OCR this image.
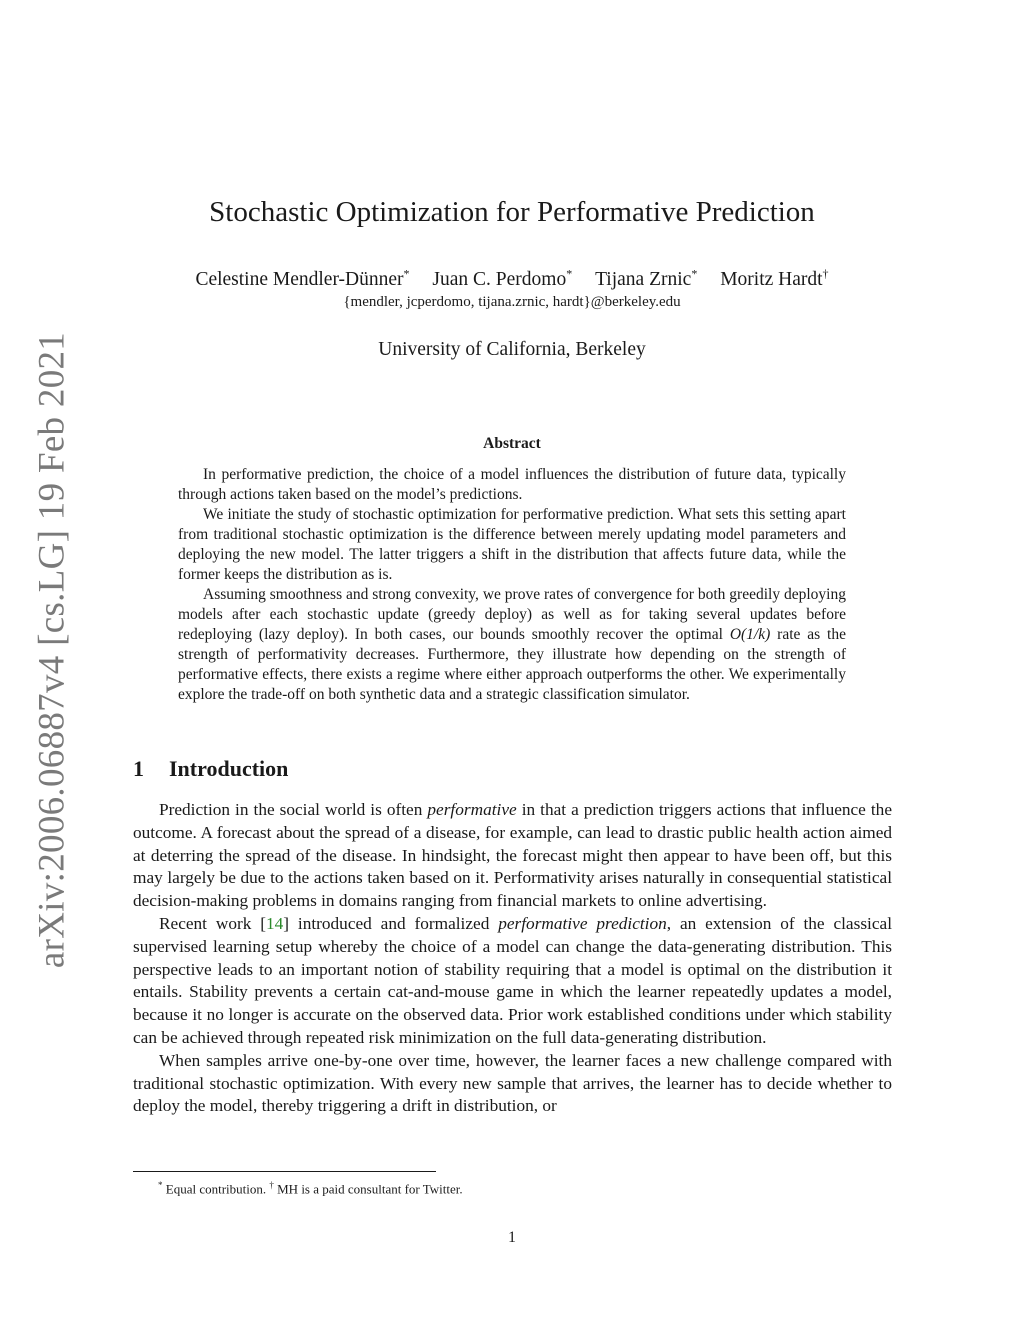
arXiv:2006.06887v4 [cs.LG] 19 Feb 2021
Stochastic Optimization for Performative Prediction
Celestine Mendler-Dünner* Juan C. Perdomo* Tijana Zrnic* Moritz Hardt†
{mendler, jcperdomo, tijana.zrnic, hardt}@berkeley.edu
University of California, Berkeley
Abstract

In performative prediction, the choice of a model influences the distribution of future data, typically through actions taken based on the model’s predictions.

We initiate the study of stochastic optimization for performative prediction. What sets this setting apart from traditional stochastic optimization is the difference between merely updating model parameters and deploying the new model. The latter triggers a shift in the distribution that affects future data, while the former keeps the distribution as is.

Assuming smoothness and strong convexity, we prove rates of convergence for both greedily deploying models after each stochastic update (greedy deploy) as well as for taking several updates before redeploying (lazy deploy). In both cases, our bounds smoothly recover the optimal O(1/k) rate as the strength of performativity decreases. Furthermore, they illustrate how depending on the strength of performative effects, there exists a regime where either approach outperforms the other. We experimentally explore the trade-off on both synthetic data and a strategic classification simulator.

1 Introduction

Prediction in the social world is often performative in that a prediction triggers actions that influence the outcome. A forecast about the spread of a disease, for example, can lead to drastic public health action aimed at deterring the spread of the disease. In hindsight, the forecast might then appear to have been off, but this may largely be due to the actions taken based on it. Performativity arises naturally in consequential statistical decision-making problems in domains ranging from financial markets to online advertising.

Recent work [14] introduced and formalized performative prediction, an extension of the classical supervised learning setup whereby the choice of a model can change the data-generating distribution. This perspective leads to an important notion of stability requiring that a model is optimal on the distribution it entails. Stability prevents a certain cat-and-mouse game in which the learner repeatedly updates a model, because it no longer is accurate on the observed data. Prior work established conditions under which stability can be achieved through repeated risk minimization on the full data-generating distribution.

When samples arrive one-by-one over time, however, the learner faces a new challenge compared with traditional stochastic optimization. With every new sample that arrives, the learner has to decide whether to deploy the model, thereby triggering a drift in distribution, or

* Equal contribution. † MH is a paid consultant for Twitter.
1
